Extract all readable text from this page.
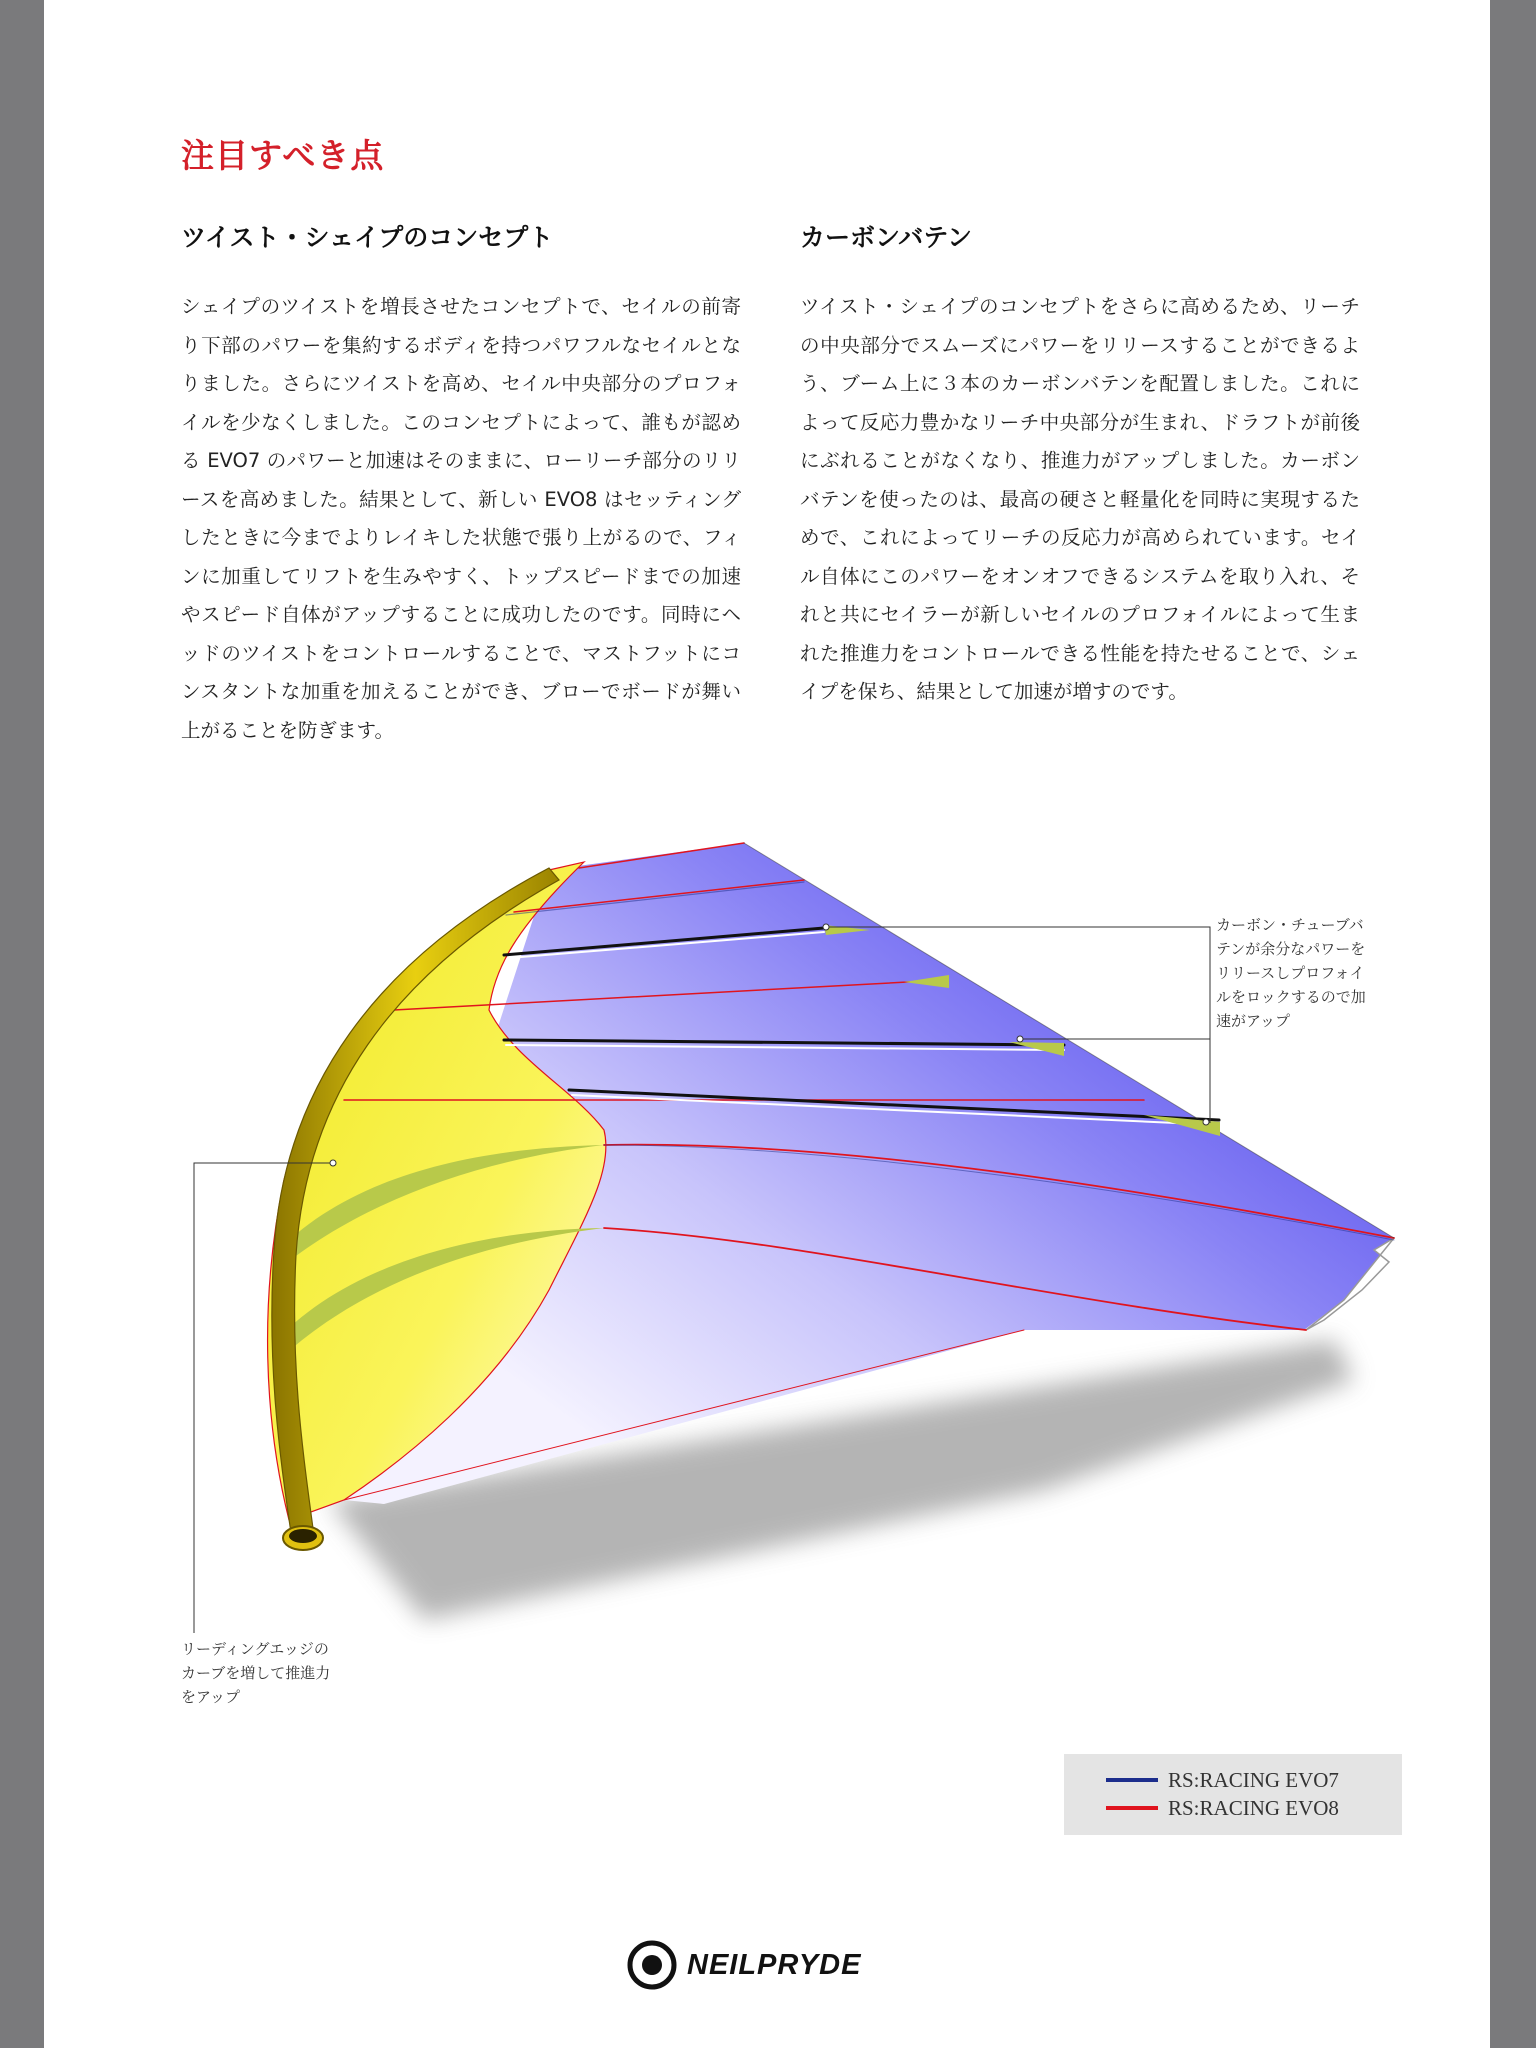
注目すべき点
ツイスト・シェイプのコンセプト

シェイプのツイストを増長させたコンセプトで、セイルの前寄り下部のパワーを集約するボディを持つパワフルなセイルとなりました。さらにツイストを高め、セイル中央部分のプロフォイルを少なくしました。このコンセプトによって、誰もが認める EVO7 のパワーと加速はそのままに、ローリーチ部分のリリースを高めました。結果として、新しい EVO8 はセッティングしたときに今までよりレイキした状態で張り上がるので、フィンに加重してリフトを生みやすく、トップスピードまでの加速やスピード自体がアップすることに成功したのです。同時にヘッドのツイストをコントロールすることで、マストフットにコンスタントな加重を加えることができ、ブローでボードが舞い上がることを防ぎます。

カーボンバテン

ツイスト・シェイプのコンセプトをさらに高めるため、リーチの中央部分でスムーズにパワーをリリースすることができるよう、ブーム上に３本のカーボンバテンを配置しました。これによって反応力豊かなリーチ中央部分が生まれ、ドラフトが前後にぶれることがなくなり、推進力がアップしました。カーボンバテンを使ったのは、最高の硬さと軽量化を同時に実現するためで、これによってリーチの反応力が高められています。セイル自体にこのパワーをオンオフできるシステムを取り入れ、それと共にセイラーが新しいセイルのプロフォイルによって生まれた推進力をコントロールできる性能を持たせることで、シェイプを保ち、結果として加速が増すのです。

カーボン・チューブバテンが余分なパワーをリリースしプロフォイルをロックするので加速がアップ
リーディングエッジのカーブを増して推進力をアップ
RS:RACING EVO7
RS:RACING EVO8
NEILPRYDE
